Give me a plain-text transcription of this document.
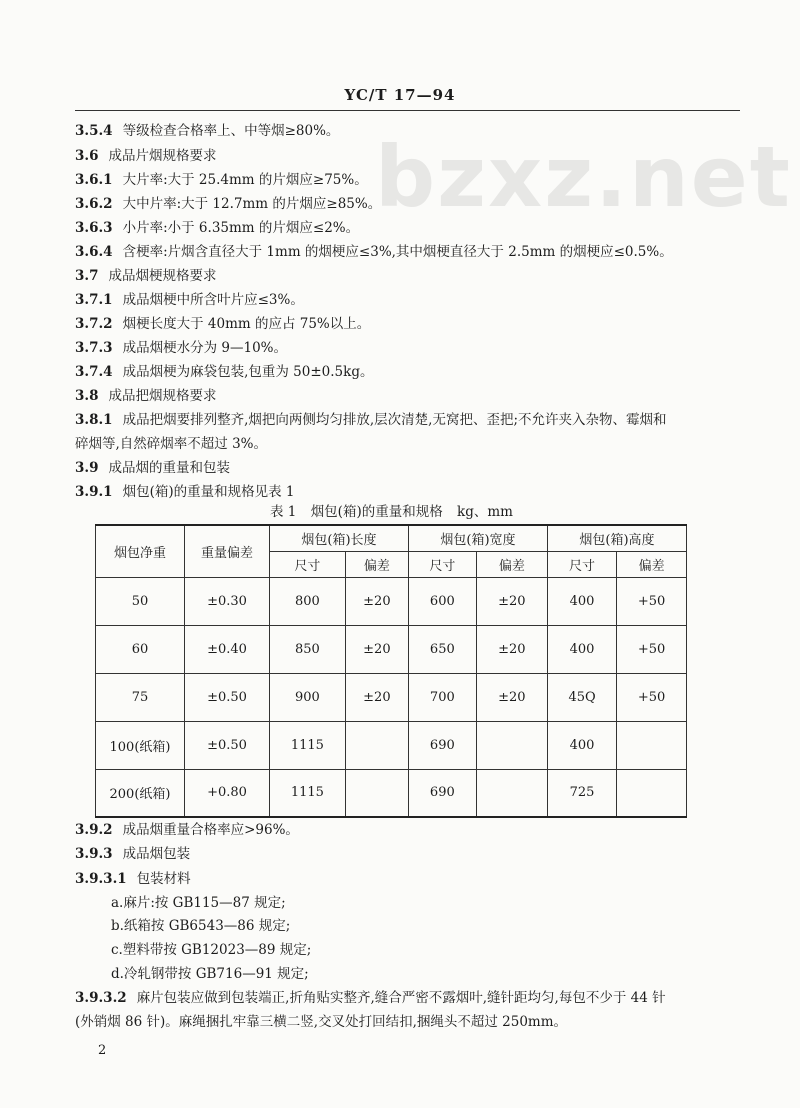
YC/T 17—94
bzxz.net
3.5.4 等级检查合格率上、中等烟≥80%。
3.6 成品片烟规格要求
3.6.1 大片率:大于 25.4mm 的片烟应≥75%。
3.6.2 大中片率:大于 12.7mm 的片烟应≥85%。
3.6.3 小片率:小于 6.35mm 的片烟应≤2%。
3.6.4 含梗率:片烟含直径大于 1mm 的烟梗应≤3%,其中烟梗直径大于 2.5mm 的烟梗应≤0.5%。
3.7 成品烟梗规格要求
3.7.1 成品烟梗中所含叶片应≤3%。
3.7.2 烟梗长度大于 40mm 的应占 75%以上。
3.7.3 成品烟梗水分为 9—10%。
3.7.4 成品烟梗为麻袋包装,包重为 50±0.5kg。
3.8 成品把烟规格要求
3.8.1 成品把烟要排列整齐,烟把向两侧均匀排放,层次清楚,无窝把、歪把;不允许夹入杂物、霉烟和
碎烟等,自然碎烟率不超过 3%。
3.9 成品烟的重量和包装
3.9.1 烟包(箱)的重量和规格见表 1
表 1 烟包(箱)的重量和规格 kg、mm
烟包净重	重量偏差	烟包(箱)长度		烟包(箱)宽度		烟包(箱)高度	
		尺寸	偏差	尺寸	偏差	尺寸	偏差
50	±0.30	800	±20	600	±20	400	+50
60	±0.40	850	±20	650	±20	400	+50
75	±0.50	900	±20	700	±20	45Q	+50
100(纸箱)	±0.50	1115		690		400	
200(纸箱)	+0.80	1115		690		725	
3.9.2 成品烟重量合格率应>96%。
3.9.3 成品烟包装
3.9.3.1 包装材料
a.麻片:按 GB115—87 规定;
b.纸箱按 GB6543—86 规定;
c.塑料带按 GB12023—89 规定;
d.冷轧钢带按 GB716—91 规定;
3.9.3.2 麻片包装应做到包装端正,折角贴实整齐,缝合严密不露烟叶,缝针距均匀,每包不少于 44 针
(外销烟 86 针)。麻绳捆扎牢靠三横二竖,交叉处打回结扣,捆绳头不超过 250mm。
2
